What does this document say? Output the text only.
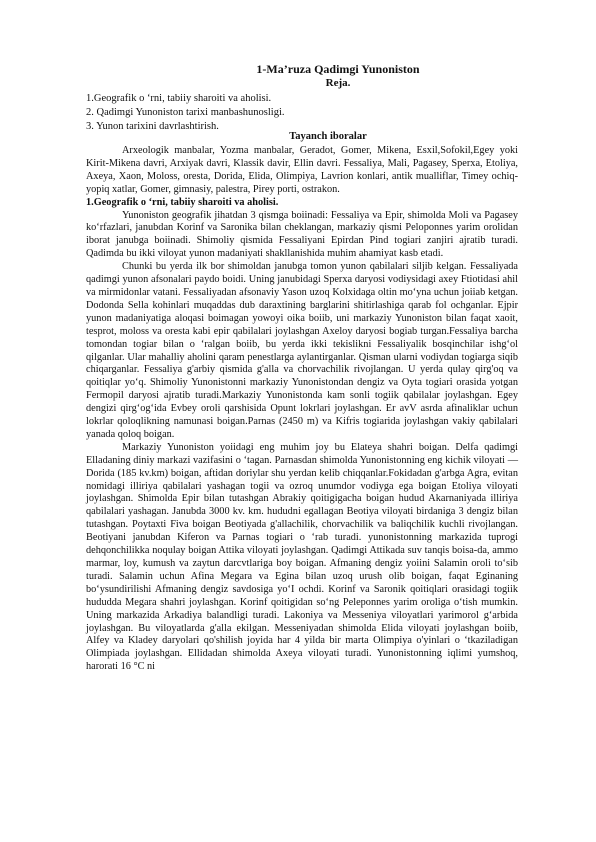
1-Ma’ruza Qadimgi Yunoniston
Reja.
1.Geografik o ‘rni, tabiiy sharoiti va aholisi.
2. Qadimgi Yunoniston tarixi manbashunosligi.
3. Yunon tarixini davrlashtirish.
Tayanch iboralar

Arxeologik manbalar, Yozma manbalar, Geradot, Gomer, Mikena, Esxil,Sofokil,Egey yoki Kirit-Mikena davri, Arxiyak davri, Klassik davir, Ellin davri. Fessaliya, Mali, Pagasey, Sperxa, Etoliya, Axeya, Xaon, Moloss, oresta, Dorida, Elida, Olimpiya, Lavrion konlari, antik mualliflar, Timey ochiq-yopiq xatlar, Gomer, gimnasiy, palestra, Pirey porti, ostrakon.

1.Geografik o ‘rni, tabiiy sharoiti va aholisi.

Yunoniston geografik jihatdan 3 qismga boiinadi: Fessaliya va Epir, shimolda Moli va Pagasey ko‘rfazlari, janubdan Korinf va Saronika bilan cheklangan, markaziy qismi Peloponnes yarim orolidan iborat janubga boiinadi. Shimoliy qismida Fessaliyani Epirdan Pind togiari zanjiri ajratib turadi. Qadimda bu ikki viloyat yunon madaniyati shakllanishida muhim ahamiyat kasb etadi.

Chunki bu yerda ilk bor shimoldan janubga tomon yunon qabilalari siljib kelgan. Fessaliyada qadimgi yunon afsonalari paydo boidi. Uning janubidagi Sperxa daryosi vodiysidagi axey Ftiotidasi ahil va mirmidonlar vatani. Fessaliyadan afsonaviy Yason uzoq Kolxidaga oltin mo‘yna uchun joiiab ketgan. Dodonda Sella kohinlari muqaddas dub daraxtining barglarini shitirlashiga qarab fol ochganlar. Ejpir yunon madaniyatiga aloqasi boimagan yowoyi oika boiib, uni markaziy Yunoniston bilan faqat xaoit, tesprot, moloss va oresta kabi epir qabilalari joylashgan Axeloy daryosi bogiab turgan.Fessaliya barcha tomondan togiar bilan o ‘ralgan boiib, bu yerda ikki tekislikni Fessaliyalik bosqinchilar ishg‘ol qilganlar. Ular mahalliy aholini qaram penestlarga aylantirganlar. Qisman ularni vodiydan togiarga siqib chiqarganlar. Fessaliya g'arbiy qismida g'alla va chorvachilik rivojlangan. U yerda qulay qirg'oq va qoitiqlar yo‘q. Shimoliy Yunonistonni markaziy Yunonistondan dengiz va Oyta togiari orasida yotgan Fermopil daryosi ajratib turadi.Markaziy Yunonistonda kam sonli togiik qabilalar joylashgan. Egey dengizi qirg‘og‘ida Evbey oroli qarshisida Opunt lokrlari joylashgan. Er avV asrda afinaliklar uchun lokrlar qoloqlikning namunasi boigan.Parnas (2450 m) va Kifris togiarida joylashgan vakiy qabilalari yanada qoloq boigan.

Markaziy Yunoniston yoiidagi eng muhim joy bu Elateya shahri boigan. Delfa qadimgi Elladaning diniy markazi vazifasini o ‘tagan. Parnasdan shimolda Yunonistonning eng kichik viloyati — Dorida (185 kv.km) boigan, aftidan doriylar shu yerdan kelib chiqqanlar.Fokidadan g'arbga Agra, evitan nomidagi illiriya qabilalari yashagan togii va ozroq unumdor vodiyga ega boigan Etoliya viloyati joylashgan. Shimolda Epir bilan tutashgan Abrakiy qoitigigacha boigan hudud Akarnaniyada illiriya qabilalari yashagan. Janubda 3000 kv. km. hududni egallagan Beotiya viloyati birdaniga 3 dengiz bilan tutashgan. Poytaxti Fiva boigan Beotiyada g'allachilik, chorvachilik va baliqchilik kuchli rivojlangan. Beotiyani janubdan Kiferon va Parnas togiari o ‘rab turadi. yunonistonning markazida tuprogi dehqonchilikka noqulay boigan Attika viloyati joylashgan. Qadimgi Attikada suv tanqis boisa-da, ammo marmar, loy, kumush va zaytun darcvtlariga boy boigan. Afmaning dengiz yoiini Salamin oroli to‘sib turadi. Salamin uchun Afina Megara va Egina bilan uzoq urush olib boigan, faqat Eginaning bo‘ysundirilishi Afmaning dengiz savdosiga yo‘I ochdi. Korinf va Saronik qoitiqlari orasidagi togiik hududda Megara shahri joylashgan. Korinf qoitigidan so‘ng Peleponnes yarim oroliga o‘tish mumkin. Uning markazida Arkadiya balandligi turadi. Lakoniya va Messeniya viloyatlari yarimorol g‘arbida joylashgan. Bu viloyatlarda g'alla ekilgan. Messeniyadan shimolda Elida viloyati joylashgan boiib, Alfey va Kladey daryolari qo'shilish joyida har 4 yilda bir marta Olimpiya o'yinlari o ‘tkaziladigan Olimpiada joylashgan. Ellidadan shimolda Axeya viloyati turadi. Yunonistonning iqlimi yumshoq, harorati 16 °C ni
